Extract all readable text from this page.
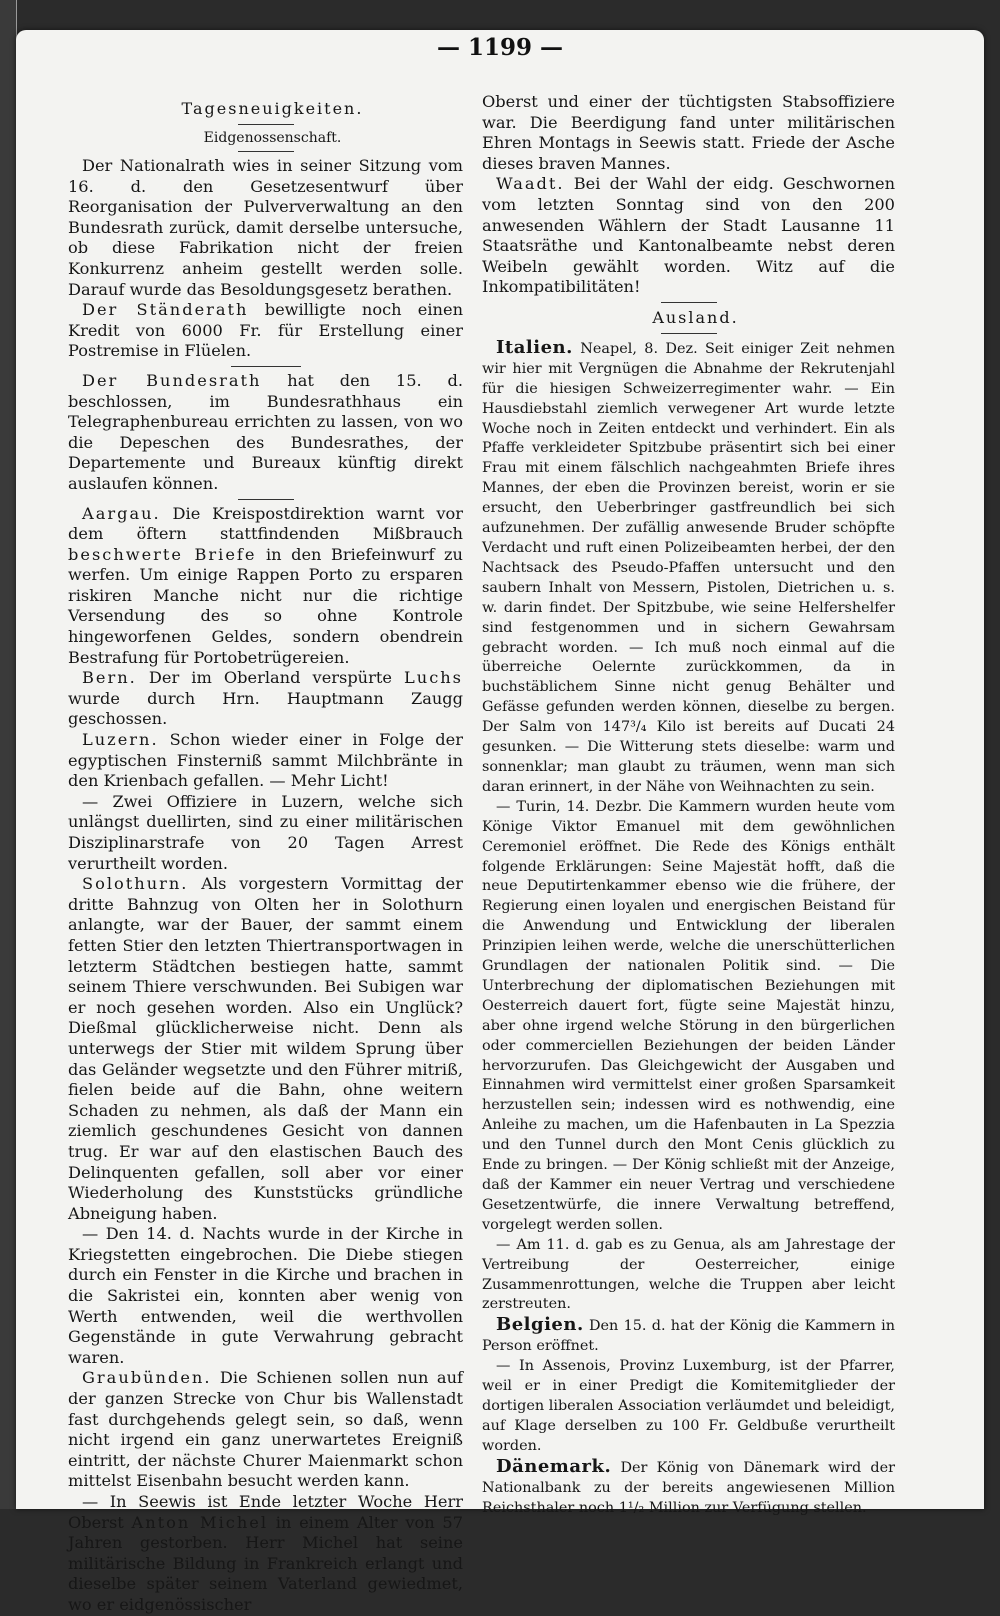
— 1199 —

Tagesneuigkeiten.

Eidgenossenschaft.

Der Nationalrath wies in seiner Sitzung vom 16. d. den Gesetzesentwurf über Reorganisation der Pulververwaltung an den Bundesrath zurück, damit derselbe untersuche, ob diese Fabrikation nicht der freien Konkurrenz anheim gestellt werden solle. Darauf wurde das Besoldungsgesetz berathen.

Der Ständerath bewilligte noch einen Kredit von 6000 Fr. für Erstellung einer Postremise in Flüelen.

Der Bundesrath hat den 15. d. beschlossen, im Bundesrathhaus ein Telegraphenbureau errichten zu lassen, von wo die Depeschen des Bundesrathes, der Departemente und Bureaux künftig direkt auslaufen können.

Aargau. Die Kreispostdirektion warnt vor dem öftern stattfindenden Mißbrauch beschwerte Briefe in den Briefeinwurf zu werfen. Um einige Rappen Porto zu ersparen riskiren Manche nicht nur die richtige Versendung des so ohne Kontrole hingeworfenen Geldes, sondern obendrein Bestrafung für Portobetrügereien.

Bern. Der im Oberland verspürte Luchs wurde durch Hrn. Hauptmann Zaugg geschossen.

Luzern. Schon wieder einer in Folge der egyptischen Finsterniß sammt Milchbränte in den Krienbach gefallen. — Mehr Licht!

— Zwei Offiziere in Luzern, welche sich unlängst duellirten, sind zu einer militärischen Disziplinarstrafe von 20 Tagen Arrest verurtheilt worden.

Solothurn. Als vorgestern Vormittag der dritte Bahnzug von Olten her in Solothurn anlangte, war der Bauer, der sammt einem fetten Stier den letzten Thiertransportwagen in letzterm Städtchen bestiegen hatte, sammt seinem Thiere verschwunden. Bei Subigen war er noch gesehen worden. Also ein Unglück? Dießmal glücklicherweise nicht. Denn als unterwegs der Stier mit wildem Sprung über das Geländer wegsetzte und den Führer mitriß, fielen beide auf die Bahn, ohne weitern Schaden zu nehmen, als daß der Mann ein ziemlich geschundenes Gesicht von dannen trug. Er war auf den elastischen Bauch des Delinquenten gefallen, soll aber vor einer Wiederholung des Kunststücks gründliche Abneigung haben.

— Den 14. d. Nachts wurde in der Kirche in Kriegstetten eingebrochen. Die Diebe stiegen durch ein Fenster in die Kirche und brachen in die Sakristei ein, konnten aber wenig von Werth entwenden, weil die werthvollen Gegenstände in gute Verwahrung gebracht waren.

Graubünden. Die Schienen sollen nun auf der ganzen Strecke von Chur bis Wallenstadt fast durchgehends gelegt sein, so daß, wenn nicht irgend ein ganz unerwartetes Ereigniß eintritt, der nächste Churer Maienmarkt schon mittelst Eisenbahn besucht werden kann.

— In Seewis ist Ende letzter Woche Herr Oberst Anton Michel in einem Alter von 57 Jahren gestorben. Herr Michel hat seine militärische Bildung in Frankreich erlangt und dieselbe später seinem Vaterland gewiedmet, wo er eidgenössischer

Oberst und einer der tüchtigsten Stabsoffiziere war. Die Beerdigung fand unter militärischen Ehren Montags in Seewis statt. Friede der Asche dieses braven Mannes.

Waadt. Bei der Wahl der eidg. Geschwornen vom letzten Sonntag sind von den 200 anwesenden Wählern der Stadt Lausanne 11 Staatsräthe und Kantonalbeamte nebst deren Weibeln gewählt worden. Witz auf die Inkompatibilitäten!

Ausland.

Italien. Neapel, 8. Dez. Seit einiger Zeit nehmen wir hier mit Vergnügen die Abnahme der Rekrutenjahl für die hiesigen Schweizerregimenter wahr. — Ein Hausdiebstahl ziemlich verwegener Art wurde letzte Woche noch in Zeiten entdeckt und verhindert. Ein als Pfaffe verkleideter Spitzbube präsentirt sich bei einer Frau mit einem fälschlich nachgeahmten Briefe ihres Mannes, der eben die Provinzen bereist, worin er sie ersucht, den Ueberbringer gastfreundlich bei sich aufzunehmen. Der zufällig anwesende Bruder schöpfte Verdacht und ruft einen Polizeibeamten herbei, der den Nachtsack des Pseudo-Pfaffen untersucht und den saubern Inhalt von Messern, Pistolen, Dietrichen u. s. w. darin findet. Der Spitzbube, wie seine Helfershelfer sind festgenommen und in sichern Gewahrsam gebracht worden. — Ich muß noch einmal auf die überreiche Oelernte zurückkommen, da in buchstäblichem Sinne nicht genug Behälter und Gefässe gefunden werden können, dieselbe zu bergen. Der Salm von 147³/₄ Kilo ist bereits auf Ducati 24 gesunken. — Die Witterung stets dieselbe: warm und sonnenklar; man glaubt zu träumen, wenn man sich daran erinnert, in der Nähe von Weihnachten zu sein.

— Turin, 14. Dezbr. Die Kammern wurden heute vom Könige Viktor Emanuel mit dem gewöhnlichen Ceremoniel eröffnet. Die Rede des Königs enthält folgende Erklärungen: Seine Majestät hofft, daß die neue Deputirtenkammer ebenso wie die frühere, der Regierung einen loyalen und energischen Beistand für die Anwendung und Entwicklung der liberalen Prinzipien leihen werde, welche die unerschütterlichen Grundlagen der nationalen Politik sind. — Die Unterbrechung der diplomatischen Beziehungen mit Oesterreich dauert fort, fügte seine Majestät hinzu, aber ohne irgend welche Störung in den bürgerlichen oder commerciellen Beziehungen der beiden Länder hervorzurufen. Das Gleichgewicht der Ausgaben und Einnahmen wird vermittelst einer großen Sparsamkeit herzustellen sein; indessen wird es nothwendig, eine Anleihe zu machen, um die Hafenbauten in La Spezzia und den Tunnel durch den Mont Cenis glücklich zu Ende zu bringen. — Der König schließt mit der Anzeige, daß der Kammer ein neuer Vertrag und verschiedene Gesetzentwürfe, die innere Verwaltung betreffend, vorgelegt werden sollen.

— Am 11. d. gab es zu Genua, als am Jahrestage der Vertreibung der Oesterreicher, einige Zusammenrottungen, welche die Truppen aber leicht zerstreuten.

Belgien. Den 15. d. hat der König die Kammern in Person eröffnet.

— In Assenois, Provinz Luxemburg, ist der Pfarrer, weil er in einer Predigt die Komitemitglieder der dortigen liberalen Association verläumdet und beleidigt, auf Klage derselben zu 100 Fr. Geldbuße verurtheilt worden.

Dänemark. Der König von Dänemark wird der Nationalbank zu der bereits angewiesenen Million Reichsthaler noch 1¹/₂ Million zur Verfügung stellen.
